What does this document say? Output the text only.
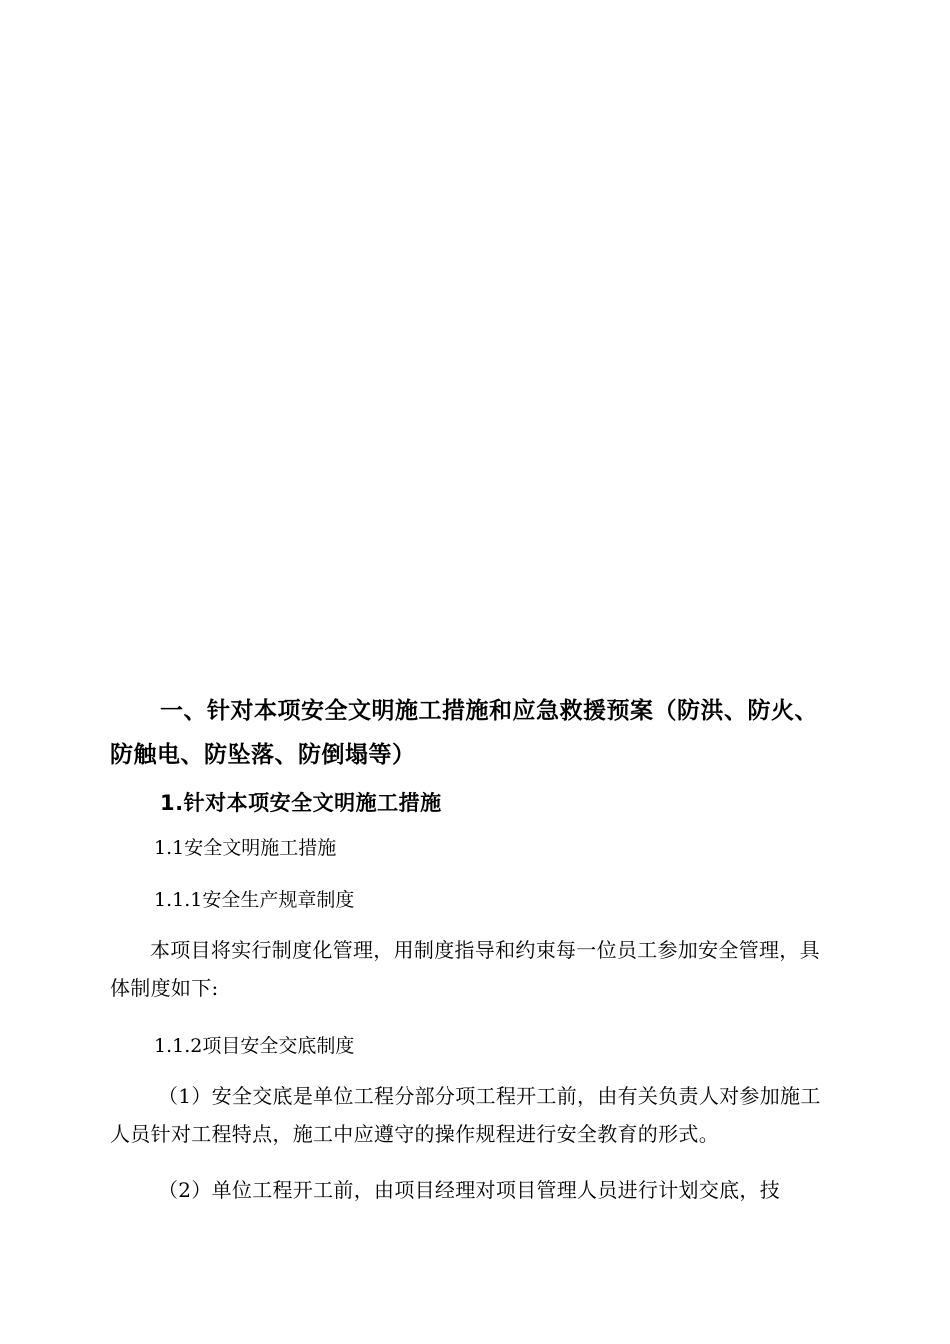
一、针对本项安全文明施工措施和应急救援预案（防洪、防火、防触电、防坠落、防倒塌等）

1.针对本项安全文明施工措施

1.1安全文明施工措施

1.1.1安全生产规章制度

本项目将实行制度化管理，用制度指导和约束每一位员工参加安全管理，具体制度如下:

1.1.2项目安全交底制度

（1）安全交底是单位工程分部分项工程开工前，由有关负责人对参加施工人员针对工程特点，施工中应遵守的操作规程进行安全教育的形式。

（2）单位工程开工前，由项目经理对项目管理人员进行计划交底，技
